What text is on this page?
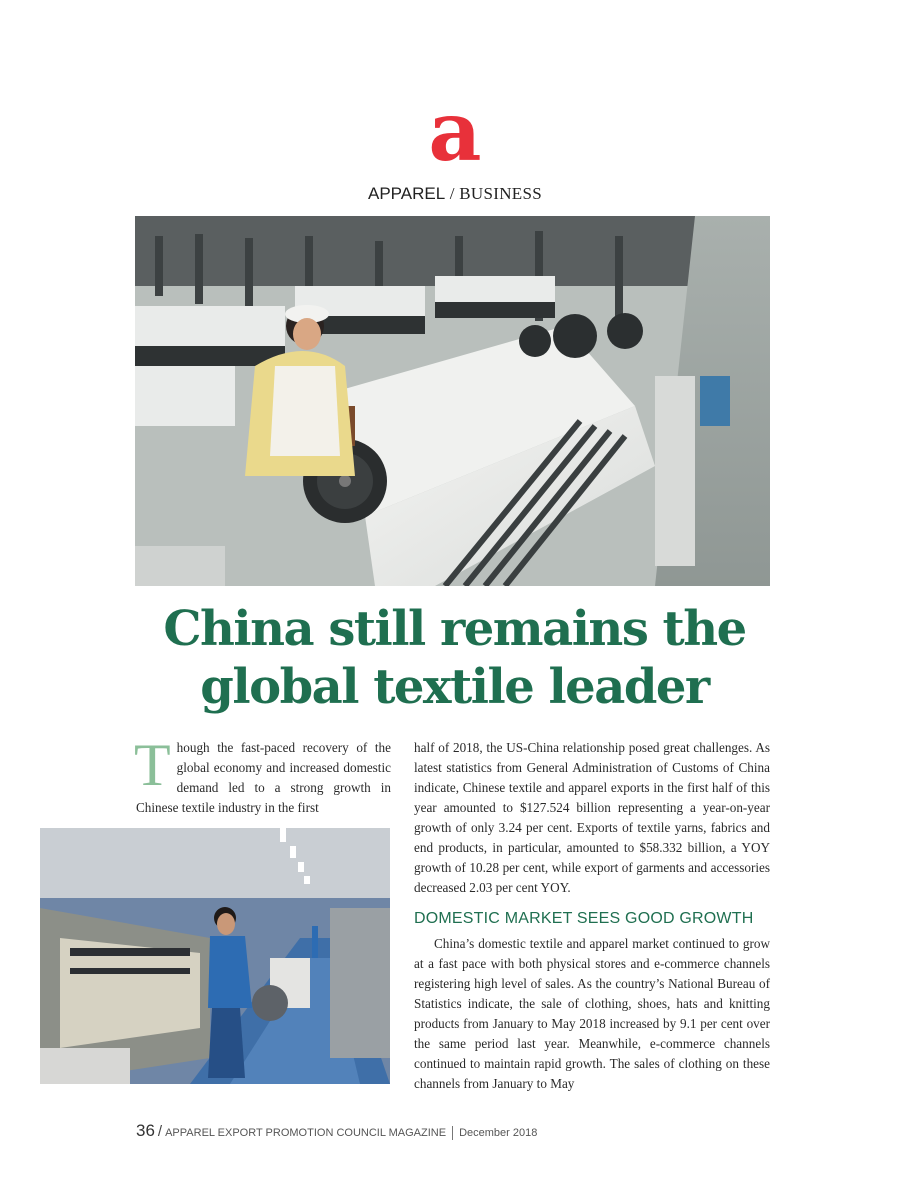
a
APPAREL / BUSINESS
China still remains the
global textile leader
Though the fast-paced recovery of the global economy and increased domestic demand led to a strong growth in Chinese textile industry in the first

half of 2018, the US-China relationship posed great challenges. As latest statistics from General Administration of Customs of China indicate, Chinese textile and apparel exports in the first half of this year amounted to $127.524 billion representing a year-on-year growth of only 3.24 per cent. Exports of textile yarns, fabrics and end products, in particular, amounted to $58.332 billion, a YOY growth of 10.28 per cent, while export of garments and accessories decreased 2.03 per cent YOY.

DOMESTIC MARKET SEES GOOD GROWTH

China’s domestic textile and apparel market continued to grow at a fast pace with both physical stores and e-commerce channels registering high level of sales. As the country’s National Bureau of Statistics indicate, the sale of clothing, shoes, hats and knitting products from January to May 2018 increased by 9.1 per cent over the same period last year. Meanwhile, e-commerce channels continued to maintain rapid growth. The sales of clothing on these channels from January to May

36 / APPAREL EXPORT PROMOTION COUNCIL MAGAZINE December 2018
